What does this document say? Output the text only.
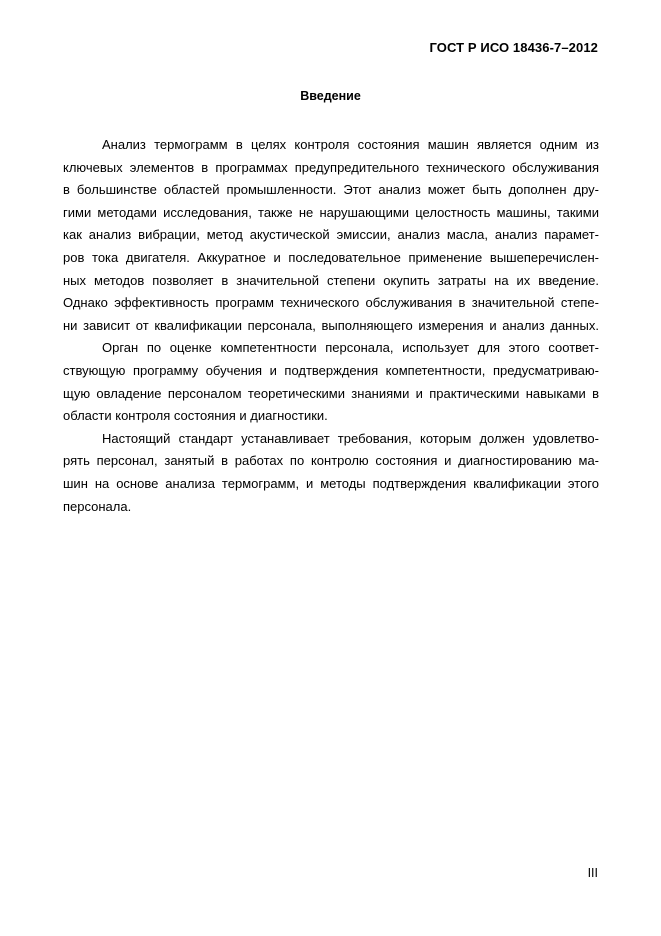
ГОСТ Р ИСО 18436-7–2012
Введение
Анализ термограмм в целях контроля состояния машин является одним из
ключевых элементов в программах предупредительного технического обслуживания
в большинстве областей промышленности. Этот анализ может быть дополнен дру-
гими методами исследования, также не нарушающими целостность машины, такими
как анализ вибрации, метод акустической эмиссии, анализ масла, анализ парамет-
ров тока двигателя. Аккуратное и последовательное применение вышеперечислен-
ных методов позволяет в значительной степени окупить затраты на их введение.
Однако эффективность программ технического обслуживания в значительной степе-
ни зависит от квалификации персонала, выполняющего измерения и анализ данных.
Орган по оценке компетентности персонала, использует для этого соответ-
ствующую программу обучения и подтверждения компетентности, предусматриваю-
щую овладение персоналом теоретическими знаниями и практическими навыками в
области контроля состояния и диагностики.
Настоящий стандарт устанавливает требования, которым должен удовлетво-
рять персонал, занятый в работах по контролю состояния и диагностированию ма-
шин на основе анализа термограмм, и методы подтверждения квалификации этого
персонала.
III
